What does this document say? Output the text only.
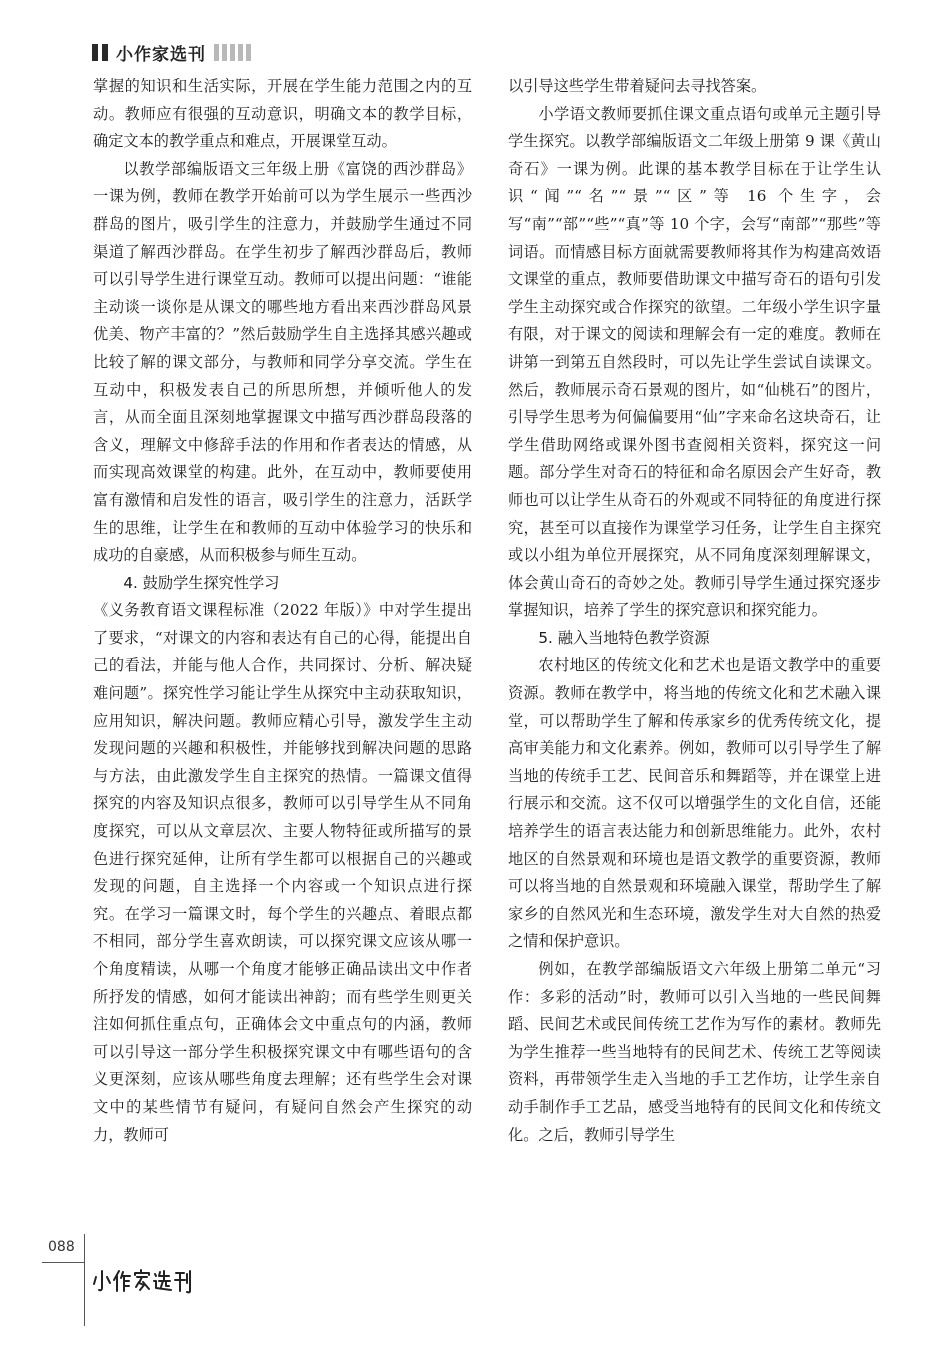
小作家选刊

掌握的知识和生活实际，开展在学生能力范围之内的互动。教师应有很强的互动意识，明确文本的教学目标，确定文本的教学重点和难点，开展课堂互动。

以教学部编版语文三年级上册《富饶的西沙群岛》一课为例，教师在教学开始前可以为学生展示一些西沙群岛的图片，吸引学生的注意力，并鼓励学生通过不同渠道了解西沙群岛。在学生初步了解西沙群岛后，教师可以引导学生进行课堂互动。教师可以提出问题：“谁能主动谈一谈你是从课文的哪些地方看出来西沙群岛风景优美、物产丰富的？”然后鼓励学生自主选择其感兴趣或比较了解的课文部分，与教师和同学分享交流。学生在互动中，积极发表自己的所思所想，并倾听他人的发言，从而全面且深刻地掌握课文中描写西沙群岛段落的含义，理解文中修辞手法的作用和作者表达的情感，从而实现高效课堂的构建。此外，在互动中，教师要使用富有激情和启发性的语言，吸引学生的注意力，活跃学生的思维，让学生在和教师的互动中体验学习的快乐和成功的自豪感，从而积极参与师生互动。

4. 鼓励学生探究性学习

《义务教育语文课程标准（2022 年版）》中对学生提出了要求，“对课文的内容和表达有自己的心得，能提出自己的看法，并能与他人合作，共同探讨、分析、解决疑难问题”。探究性学习能让学生从探究中主动获取知识，应用知识，解决问题。教师应精心引导，激发学生主动发现问题的兴趣和积极性，并能够找到解决问题的思路与方法，由此激发学生自主探究的热情。一篇课文值得探究的内容及知识点很多，教师可以引导学生从不同角度探究，可以从文章层次、主要人物特征或所描写的景色进行探究延伸，让所有学生都可以根据自己的兴趣或发现的问题，自主选择一个内容或一个知识点进行探究。在学习一篇课文时，每个学生的兴趣点、着眼点都不相同，部分学生喜欢朗读，可以探究课文应该从哪一个角度精读，从哪一个角度才能够正确品读出文中作者所抒发的情感，如何才能读出神韵；而有些学生则更关注如何抓住重点句，正确体会文中重点句的内涵，教师可以引导这一部分学生积极探究课文中有哪些语句的含义更深刻，应该从哪些角度去理解；还有些学生会对课文中的某些情节有疑问，有疑问自然会产生探究的动力，教师可

以引导这些学生带着疑问去寻找答案。

小学语文教师要抓住课文重点语句或单元主题引导学生探究。以教学部编版语文二年级上册第 9 课《黄山奇石》一课为例。此课的基本教学目标在于让学生认识“闻”“名”“景”“区”等 16 个生字，会写“南”“部”“些”“真”等 10 个字，会写“南部”“那些”等词语。而情感目标方面就需要教师将其作为构建高效语文课堂的重点，教师要借助课文中描写奇石的语句引发学生主动探究或合作探究的欲望。二年级小学生识字量有限，对于课文的阅读和理解会有一定的难度。教师在讲第一到第五自然段时，可以先让学生尝试自读课文。然后，教师展示奇石景观的图片，如“仙桃石”的图片，引导学生思考为何偏偏要用“仙”字来命名这块奇石，让学生借助网络或课外图书查阅相关资料，探究这一问题。部分学生对奇石的特征和命名原因会产生好奇，教师也可以让学生从奇石的外观或不同特征的角度进行探究，甚至可以直接作为课堂学习任务，让学生自主探究或以小组为单位开展探究，从不同角度深刻理解课文，体会黄山奇石的奇妙之处。教师引导学生通过探究逐步掌握知识，培养了学生的探究意识和探究能力。

5. 融入当地特色教学资源

农村地区的传统文化和艺术也是语文教学中的重要资源。教师在教学中，将当地的传统文化和艺术融入课堂，可以帮助学生了解和传承家乡的优秀传统文化，提高审美能力和文化素养。例如，教师可以引导学生了解当地的传统手工艺、民间音乐和舞蹈等，并在课堂上进行展示和交流。这不仅可以增强学生的文化自信，还能培养学生的语言表达能力和创新思维能力。此外，农村地区的自然景观和环境也是语文教学的重要资源，教师可以将当地的自然景观和环境融入课堂，帮助学生了解家乡的自然风光和生态环境，激发学生对大自然的热爱之情和保护意识。

例如，在教学部编版语文六年级上册第二单元“习作：多彩的活动”时，教师可以引入当地的一些民间舞蹈、民间艺术或民间传统工艺作为写作的素材。教师先为学生推荐一些当地特有的民间艺术、传统工艺等阅读资料，再带领学生走入当地的手工艺作坊，让学生亲自动手制作手工艺品，感受当地特有的民间文化和传统文化。之后，教师引导学生

088
